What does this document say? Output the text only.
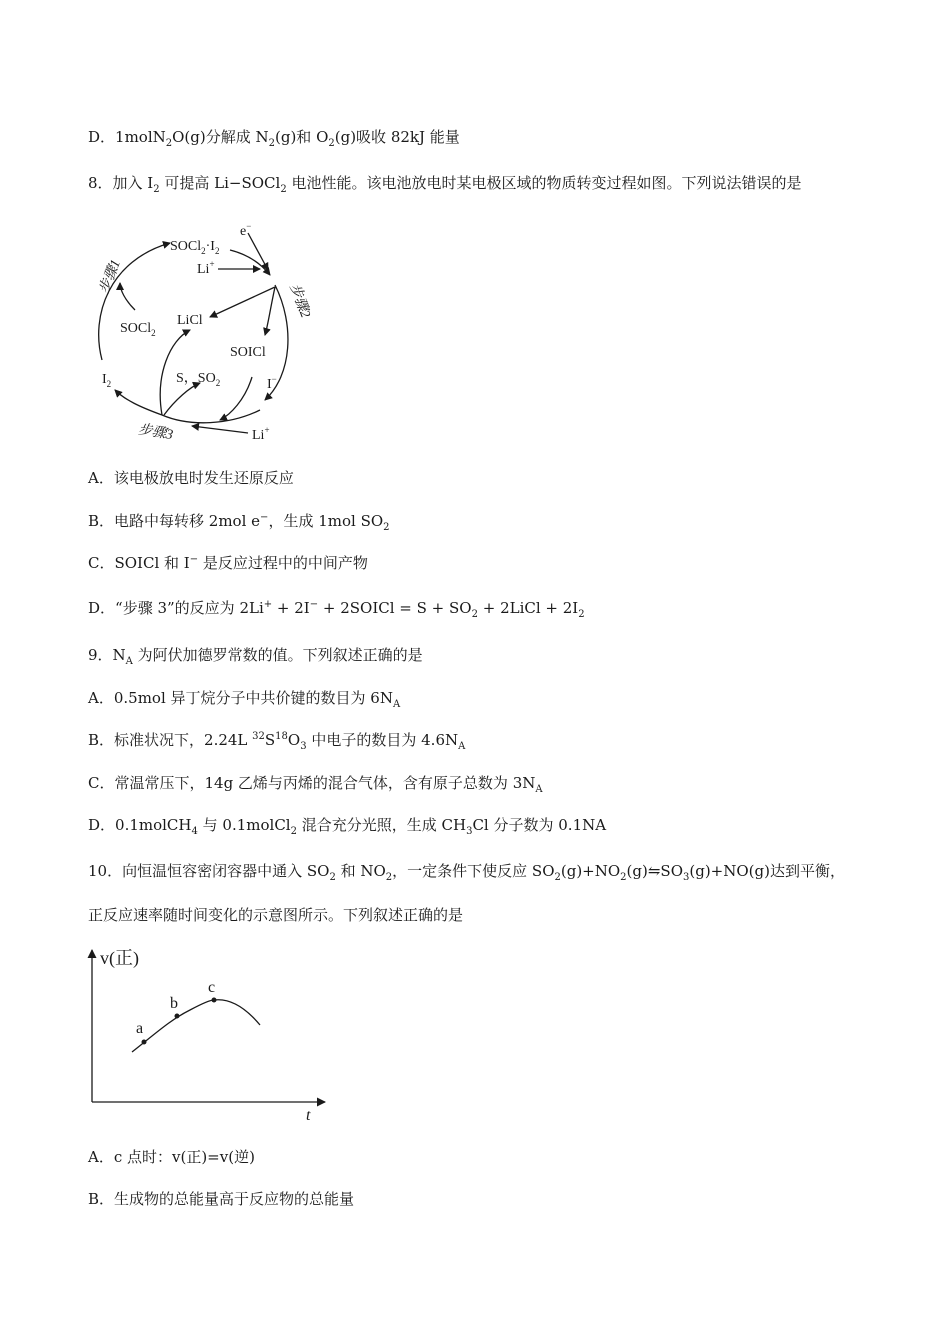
D．1molN$_2$O(g)分解成 $N_2(g)$和 $O_2(g)$吸收 82kJ 能量
8．加入 $I_2$ 可提高 Li−SOCl$_2$ 电池性能。该电池放电时某电极区域的物质转变过程如图。下列说法错误的是
步骤1
步骤2
步骤3
$SOCl_2\cdot I_2$
e−
Li+
SOCl$_2$
LiCl
SOICl
S，$SO_2$	I−
$I_2$
Li+
A．该电极放电时发生还原反应
B．电路中每转移 2mol e−，生成 1mol $SO_2$
C．SOICl 和 I− 是反应过程中的中间产物
D．“步骤 3”的反应为 2Li+ + 2I− + 2SOICl = $S + SO_2$ + 2LiCl + $2I_2$
9．$N_A$ 为阿伏加德罗常数的值。下列叙述正确的是
A．0.5mol 异丁烷分子中共价键的数目为 $6N_A$
B．标准状况下，2.24L $^{32}S^{18}O_3$ 中电子的数目为 $4.6N_A$
C．常温常压下，14g 乙烯与丙烯的混合气体，含有原子总数为 $3N_A$
D．0.1molCH$_4$ 与 0.1molCl$_2$ 混合充分光照，生成 $CH_3Cl$ 分子数为 0.1NA
10．向恒温恒容密闭容器中通入 $SO_2$ 和 $NO_2$，一定条件下使反应 $SO_2(g)+NO_2(g)⇋SO_3(g)+NO(g)$达到平衡，
正反应速率随时间变化的示意图所示。下列叙述正确的是
v(正)
t
a
b
c
A．c 点时：v(正)=v(逆)
B．生成物的总能量高于反应物的总能量
